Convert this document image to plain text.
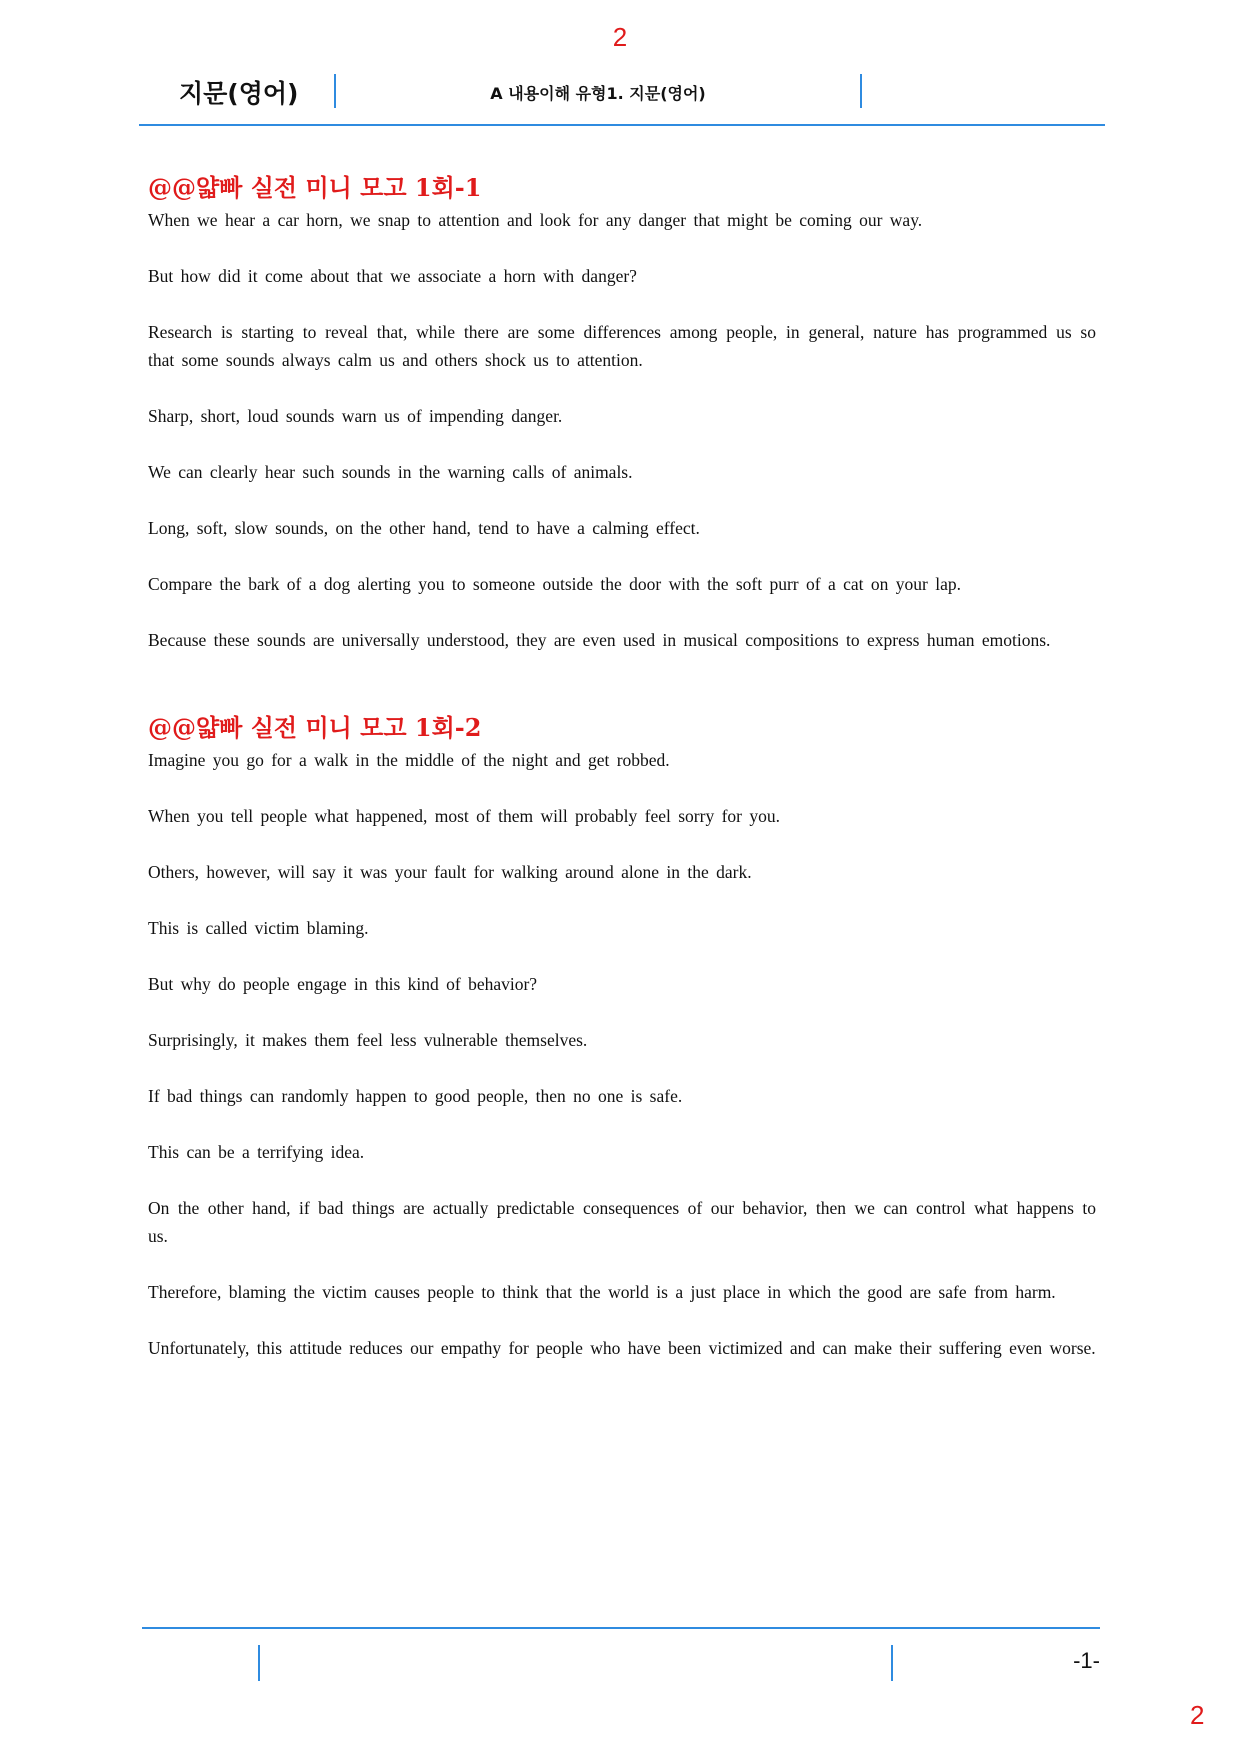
2
지문(영어)	A 내용이해 유형1. 지문(영어)
@@얇빠 실전 미니 모고 1회-1

When we hear a car horn, we snap to attention and look for any danger that might be coming our way.

But how did it come about that we associate a horn with danger?

Research is starting to reveal that, while there are some differences among people, in general, nature has programmed us so that some sounds always calm us and others shock us to attention.

Sharp, short, loud sounds warn us of impending danger.

We can clearly hear such sounds in the warning calls of animals.

Long, soft, slow sounds, on the other hand, tend to have a calming effect.

Compare the bark of a dog alerting you to someone outside the door with the soft purr of a cat on your lap.

Because these sounds are universally understood, they are even used in musical compositions to express human emotions.

@@얇빠 실전 미니 모고 1회-2

Imagine you go for a walk in the middle of the night and get robbed.

When you tell people what happened, most of them will probably feel sorry for you.

Others, however, will say it was your fault for walking around alone in the dark.

This is called victim blaming.

But why do people engage in this kind of behavior?

Surprisingly, it makes them feel less vulnerable themselves.

If bad things can randomly happen to good people, then no one is safe.

This can be a terrifying idea.

On the other hand, if bad things are actually predictable consequences of our behavior, then we can control what happens to us.

Therefore, blaming the victim causes people to think that the world is a just place in which the good are safe from harm.

Unfortunately, this attitude reduces our empathy for people who have been victimized and can make their suffering even worse.

-1-
2
